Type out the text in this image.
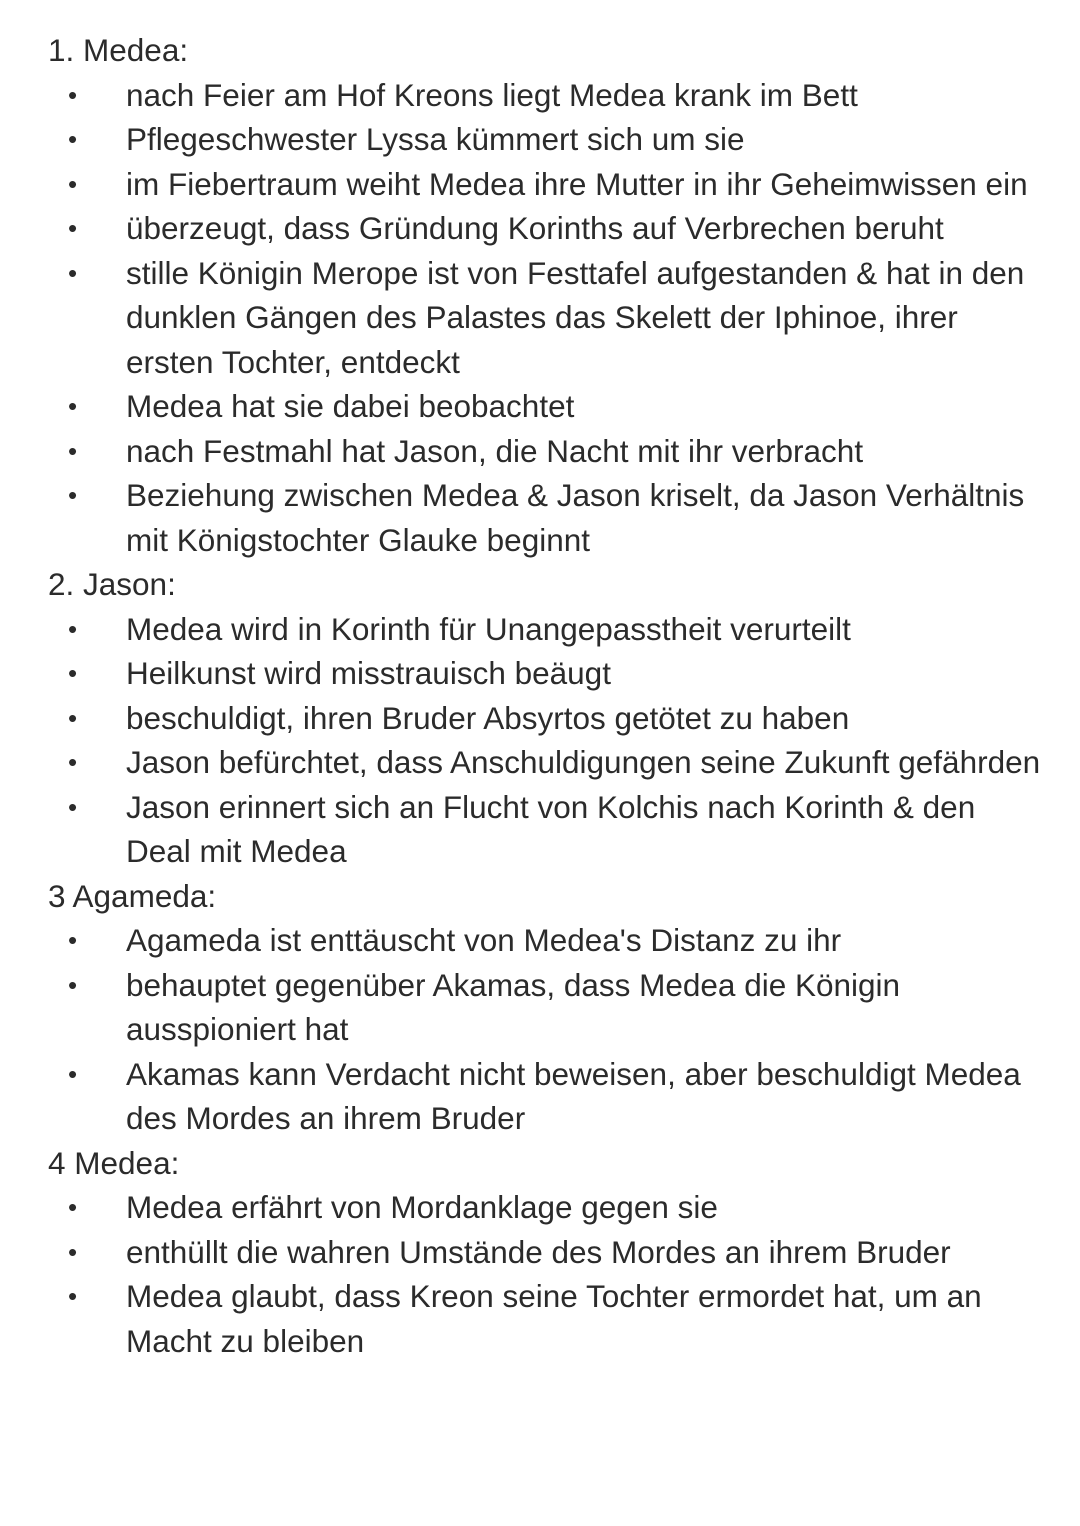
1. Medea:
• nach Feier am Hof Kreons liegt Medea krank im Bett
• Pflegeschwester Lyssa kümmert sich um sie
• im Fiebertraum weiht Medea ihre Mutter in ihr Geheimwissen ein
• überzeugt, dass Gründung Korinths auf Verbrechen beruht
• stille Königin Merope ist von Festtafel aufgestanden & hat in den dunklen Gängen des Palastes das Skelett der Iphinoe, ihrer ersten Tochter, entdeckt
• Medea hat sie dabei beobachtet
• nach Festmahl hat Jason, die Nacht mit ihr verbracht
• Beziehung zwischen Medea & Jason kriselt, da Jason Verhältnis mit Königstochter Glauke beginnt
2. Jason:
• Medea wird in Korinth für Unangepasstheit verurteilt
• Heilkunst wird misstrauisch beäugt
• beschuldigt, ihren Bruder Absyrtos getötet zu haben
• Jason befürchtet, dass Anschuldigungen seine Zukunft gefährden
• Jason erinnert sich an Flucht von Kolchis nach Korinth & den Deal mit Medea
3 Agameda:
• Agameda ist enttäuscht von Medea's Distanz zu ihr
• behauptet gegenüber Akamas, dass Medea die Königin ausspioniert hat
• Akamas kann Verdacht nicht beweisen, aber beschuldigt Medea des Mordes an ihrem Bruder
4 Medea:
• Medea erfährt von Mordanklage gegen sie
• enthüllt die wahren Umstände des Mordes an ihrem Bruder
• Medea glaubt, dass Kreon seine Tochter ermordet hat, um an Macht zu bleiben
